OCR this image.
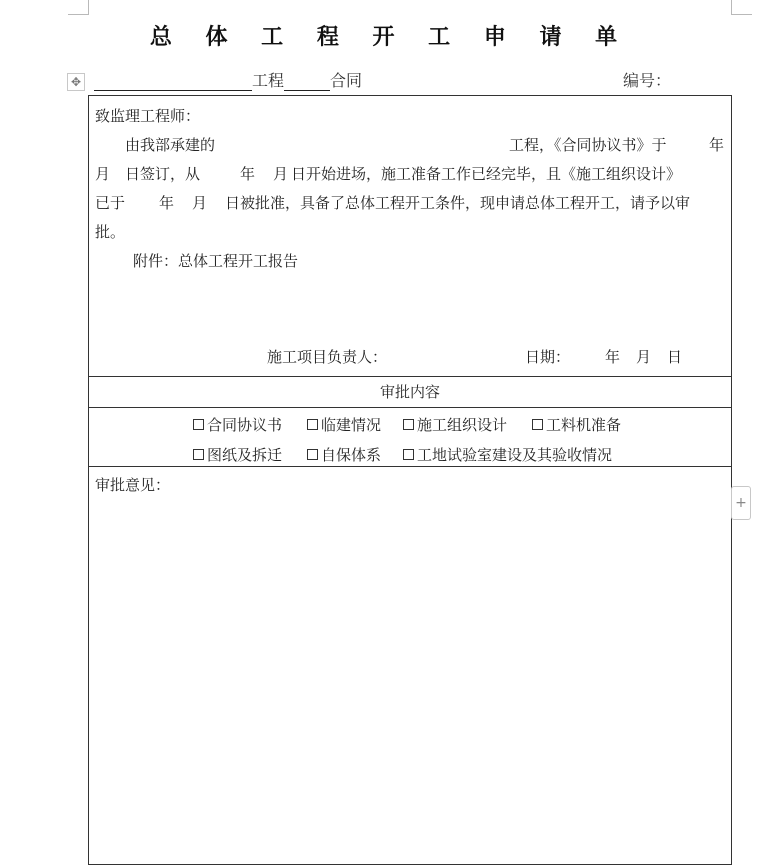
总 体 工 程 开 工 申 请 单
✥	工程	合同	编号：
致监理工程师：
由我部承建的	工程，《合同协议书》于	年
月 日签订，从	年 月 日开始进场，施工准备工作已经完毕，且《施工组织设计》
已于 年 月 日被批准，具备了总体工程开工条件，现申请总体工程开工，请予以审
批。
附件：总体工程开工报告
施工项目负责人：	日期： 年 月 日
审批内容
合同协议书	临建情况 施工组织设计	工料机准备
图纸及拆迁	自保体系 工地试验室建设及其验收情况
审批意见：
+
